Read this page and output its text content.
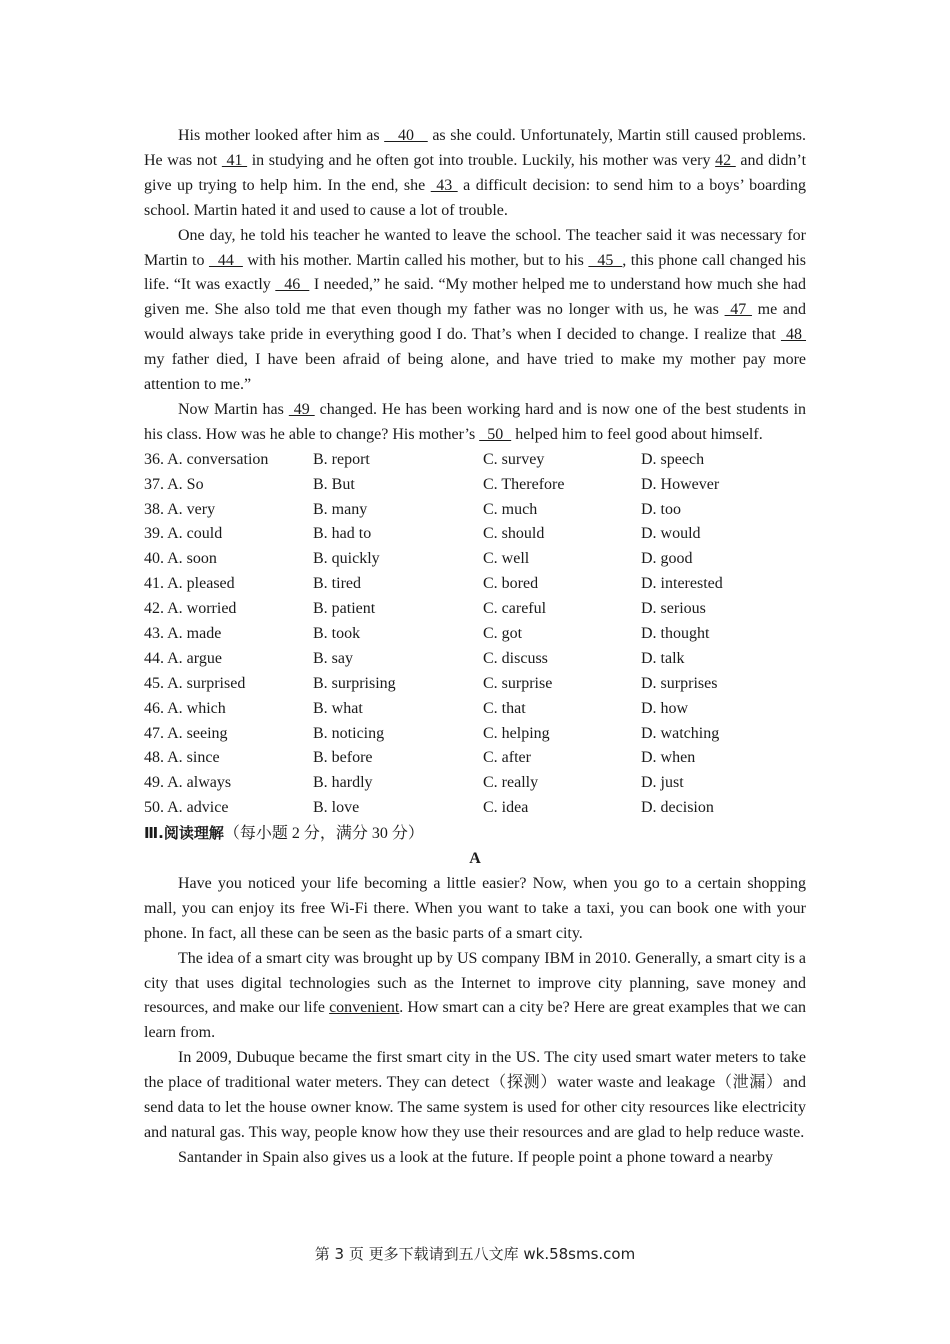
His mother looked after him as    40    as she could. Unfortunately, Martin still caused problems. He was not  41  in studying and he often got into trouble. Luckily, his mother was very 42  and didn’t give up trying to help him. In the end, she  43  a difficult decision: to send him to a boys’ boarding school. Martin hated it and used to cause a lot of trouble.

One day, he told his teacher he wanted to leave the school. The teacher said it was necessary for Martin to   44   with his mother. Martin called his mother, but to his   45  , this phone call changed his life. “It was exactly   46   I needed,” he said. “My mother helped me to understand how much she had given me. She also told me that even though my father was no longer with us, he was  47  me and would always take pride in everything good I do. That’s when I decided to change. I realize that  48  my father died, I have been afraid of being alone, and have tried to make my mother pay more attention to me.”

Now Martin has  49  changed. He has been working hard and is now one of the best students in his class. How was he able to change? His mother’s   50   helped him to feel good about himself.

36. A. conversation	B. report	C. survey	D. speech
37. A. So	B. But	C. Therefore	D. However
38. A. very	B. many	C. much	D. too
39. A. could	B. had to	C. should	D. would
40. A. soon	B. quickly	C. well	D. good
41. A. pleased	B. tired	C. bored	D. interested
42. A. worried	B. patient	C. careful	D. serious
43. A. made	B. took	C. got	D. thought
44. A. argue	B. say	C. discuss	D. talk
45. A. surprised	B. surprising	C. surprise	D. surprises
46. A. which	B. what	C. that	D. how
47. A. seeing	B. noticing	C. helping	D. watching
48. A. since	B. before	C. after	D. when
49. A. always	B. hardly	C. really	D. just
50. A. advice	B. love	C. idea	D. decision

Ⅲ.阅读理解（每小题 2 分，满分 30 分）

A

Have you noticed your life becoming a little easier? Now, when you go to a certain shopping mall, you can enjoy its free Wi-Fi there. When you want to take a taxi, you can book one with your phone. In fact, all these can be seen as the basic parts of a smart city.

The idea of a smart city was brought up by US company IBM in 2010. Generally, a smart city is a city that uses digital technologies such as the Internet to improve city planning, save money and resources, and make our life convenient. How smart can a city be? Here are great examples that we can learn from.

In 2009, Dubuque became the first smart city in the US. The city used smart water meters to take the place of traditional water meters. They can detect（探测）water waste and leakage（泄漏）and send data to let the house owner know. The same system is used for other city resources like electricity and natural gas. This way, people know how they use their resources and are glad to help reduce waste.

Santander in Spain also gives us a look at the future. If people point a phone toward a nearby

第 3 页 更多下载请到五八文库 wk.58sms.com
